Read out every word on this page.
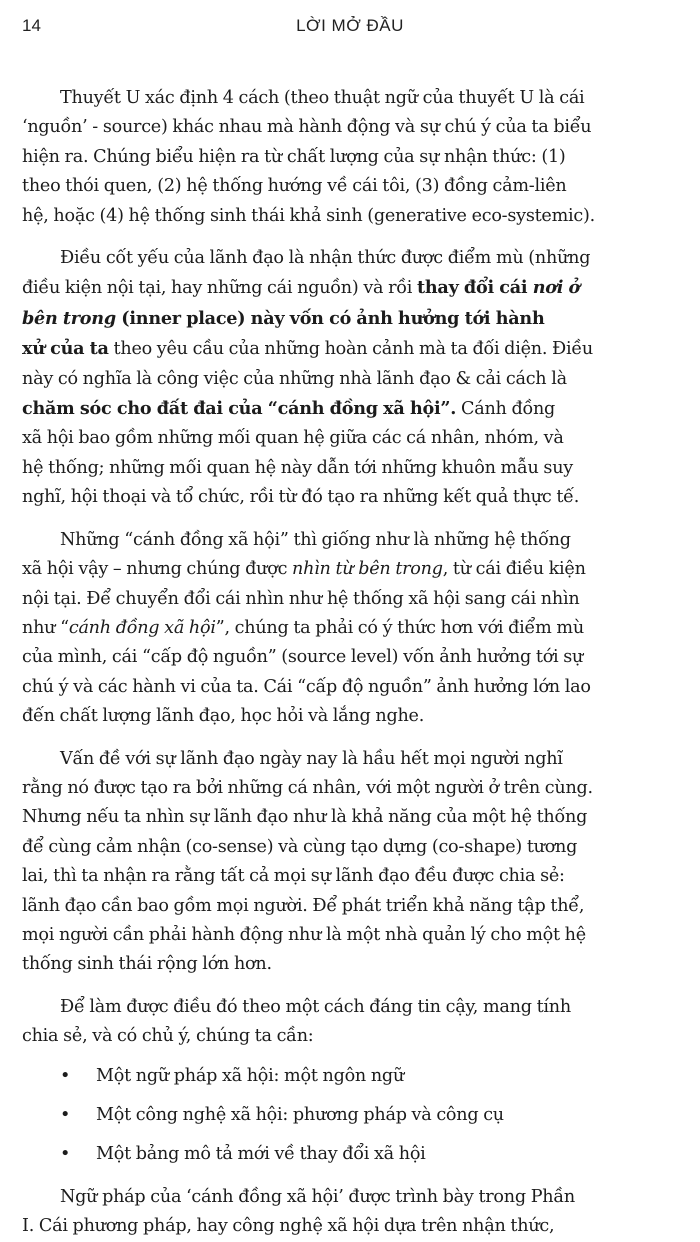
14	LỜI MỞ ĐẦU
Thuyết U xác định 4 cách (theo thuật ngữ của thuyết U là cái
‘nguồn’ - source) khác nhau mà hành động và sự chú ý của ta biểu
hiện ra. Chúng biểu hiện ra từ chất lượng của sự nhận thức: (1)
theo thói quen, (2) hệ thống hướng về cái tôi, (3) đồng cảm-liên
hệ, hoặc (4) hệ thống sinh thái khả sinh (generative eco-systemic).
Điều cốt yếu của lãnh đạo là nhận thức được điểm mù (những
điều kiện nội tại, hay những cái nguồn) và rồi thay đổi cái nơi ở
bên trong (inner place) này vốn có ảnh hưởng tới hành
xử của ta theo yêu cầu của những hoàn cảnh mà ta đối diện. Điều
này có nghĩa là công việc của những nhà lãnh đạo & cải cách là
chăm sóc cho đất đai của “cánh đồng xã hội”. Cánh đồng
xã hội bao gồm những mối quan hệ giữa các cá nhân, nhóm, và
hệ thống; những mối quan hệ này dẫn tới những khuôn mẫu suy
nghĩ, hội thoại và tổ chức, rồi từ đó tạo ra những kết quả thực tế.
Những “cánh đồng xã hội” thì giống như là những hệ thống
xã hội vậy – nhưng chúng được nhìn từ bên trong, từ cái điều kiện
nội tại. Để chuyển đổi cái nhìn như hệ thống xã hội sang cái nhìn
như “cánh đồng xã hội”, chúng ta phải có ý thức hơn với điểm mù
của mình, cái “cấp độ nguồn” (source level) vốn ảnh hưởng tới sự
chú ý và các hành vi của ta. Cái “cấp độ nguồn” ảnh hưởng lớn lao
đến chất lượng lãnh đạo, học hỏi và lắng nghe.
Vấn đề với sự lãnh đạo ngày nay là hầu hết mọi người nghĩ
rằng nó được tạo ra bởi những cá nhân, với một người ở trên cùng.
Nhưng nếu ta nhìn sự lãnh đạo như là khả năng của một hệ thống
để cùng cảm nhận (co-sense) và cùng tạo dựng (co-shape) tương
lai, thì ta nhận ra rằng tất cả mọi sự lãnh đạo đều được chia sẻ:
lãnh đạo cần bao gồm mọi người. Để phát triển khả năng tập thể,
mọi người cần phải hành động như là một nhà quản lý cho một hệ
thống sinh thái rộng lớn hơn.
Để làm được điều đó theo một cách đáng tin cậy, mang tính
chia sẻ, và có chủ ý, chúng ta cần:
• Một ngữ pháp xã hội: một ngôn ngữ
• Một công nghệ xã hội: phương pháp và công cụ
• Một bảng mô tả mới về thay đổi xã hội
Ngữ pháp của ‘cánh đồng xã hội’ được trình bày trong Phần
I. Cái phương pháp, hay công nghệ xã hội dựa trên nhận thức,
